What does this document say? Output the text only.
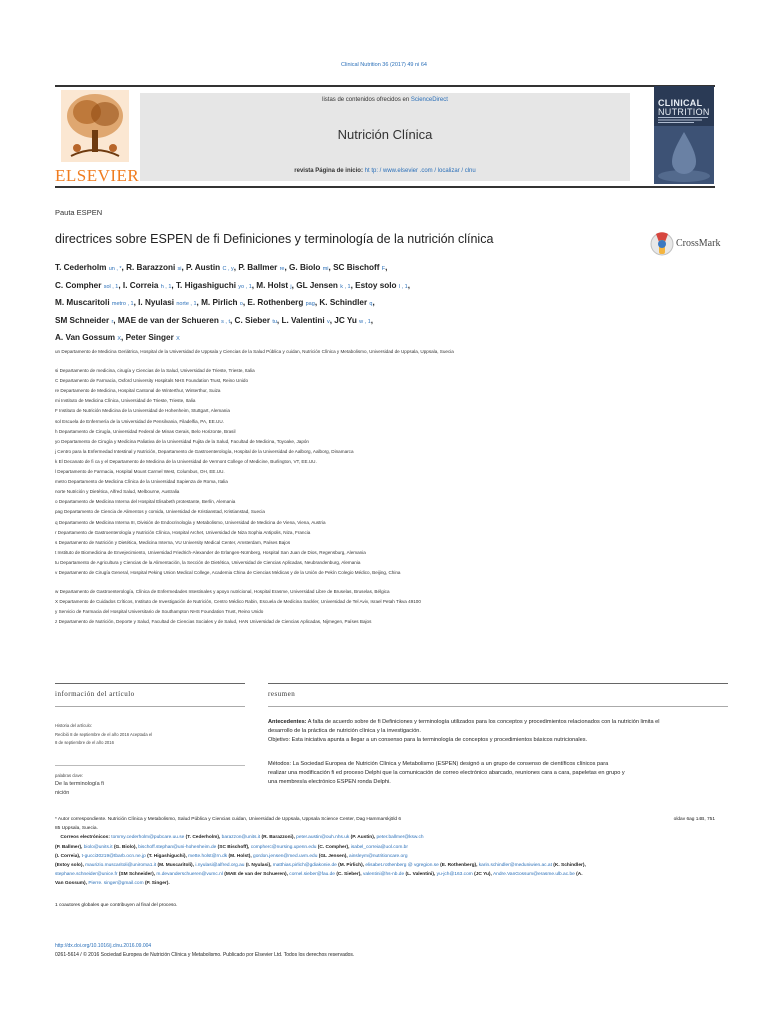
Clinical Nutrition 36 (2017) 49 ni 64
ELSEVIER
listas de contenidos ofrecidos en ScienceDirect
Nutrición Clínica
revista Página de inicio: ht tp: / www.elsevier .com / localizar / clnu
CLINICAL
NUTRITION
Pauta ESPEN
directrices sobre ESPEN de fi Definiciones y terminología de la nutrición clínica	CrossMark
T. Cederholm un , *, R. Barazzoni si, P. Austin C , y, P. Ballmer re, G. Biolo mi, SC Bischoff F,
C. Compher sol , 1, I. Correia h , 1, T. Higashiguchi yo , 1, M. Holst j, GL Jensen k , 1, Estoy solo l , 1,
M. Muscaritoli metro , 1, I. Nyulasi norte , 1, M. Pirlich o, E. Rothenberg pag, K. Schindler q,
SM Schneider r, MAE de van der Schueren s , t, C. Sieber tu, L. Valentini v, JC Yu w , 1,
A. Van Gossum X, Peter Singer X
un Departamento de Medicina Geriátrica, Hospital de la Universidad de Uppsala y Ciencias de la Salud Pública y cuidan, Nutrición Clínica y Metabolismo, Universidad de Uppsala, Uppsala, Suecia
si Departamento de medicina, cirugía y Ciencias de la Salud, Universidad de Trieste, Trieste, Italia
C Departamento de Farmacia, Oxford University Hospitals NHS Foundation Trust, Reino Unido
re Departamento de Medicina, Hospital Cantonal de Winterthur, Winterthur, Suiza
mi Instituto de Medicina Clínica, Universidad de Trieste, Trieste, Italia
F Instituto de Nutrición Medicina de la Universidad de Hohenheim, Stuttgart, Alemania
sol Escuela de Enfermería de la Universidad de Pensilvania, Filadelfia, PA, EE.UU.
h Departamento de Cirugía, Universidad Federal de Minas Gerais, Belo Horizonte, Brasil
yo Departamento de Cirugía y Medicina Paliativa de la Universidad Fujita de la Salud, Facultad de Medicina, Toyoake, Japón
j Centro para la Enfermedad Intestinal y Nutrición, Departamento de Gastroenterología, Hospital de la Universidad de Aalborg, Aalborg, Dinamarca
k El Decanato de fi ca y el Departamento de Medicina de la Universidad de Vermont College of Medicine, Burlington, VT, EE.UU.
l Departamento de Farmacia, Hospital Mount Carmel West, Columbus, OH, EE.UU.
metro Departamento de Medicina Clínica de la Universidad Sapienza de Roma, Italia
norte Nutrición y Dietética, Alfred Salud, Melbourne, Australia
o Departamento de Medicina Interna del Hospital Elisabeth protestante, Berlín, Alemania
pag Departamento de Ciencia de Alimentos y comida, Universidad de Kristianstad, Kristianstad, Suecia
q Departamento de Medicina Interna III, División de Endocrinología y Metabolismo, Universidad de Medicina de Viena, Viena, Austria
r Departamento de Gastroenterología y Nutrición Clínica, Hospital Archet, Universidad de Niza Sophia Antipolis, Niza, Francia
s Departamento de Nutrición y Dietética, Medicina Interna, VU University Medical Center, Amsterdam, Países Bajos
t Instituto de Biomedicina de Envejecimiento, Universidad Friedrich-Alexander de Erlangen-Nürnberg, Hospital San Juan de Dios, Regensburg, Alemania
tu Departamento de Agricultura y Ciencias de la Alimentación, la Sección de Dietética, Universidad de Ciencias Aplicadas, Neubrandenburg, Alemania
v Departamento de Cirugía General, Hospital Peking Union Medical College, Academia China de Ciencias Médicas y de la Unión de Pekín Colegio Médico, Beijing, China
w Departamento de Gastroenterología, Clínica de Enfermedades Intestinales y apoyo nutricional, Hospital Erasme, Universidad Libre de Bruselas, Bruselas, Bélgica
X Departamento de Cuidados Críticos, Instituto de Investigación de Nutrición, Centro Médico Rabin, Escuela de Medicina Sackler, Universidad de Tel Aviv, Israel Petah Tikva 49100
y Servicio de Farmacia del Hospital Universitario de Southampton NHS Foundation Trust, Reino Unido
z Departamento de Nutrición, Deporte y Salud, Facultad de Ciencias Sociales y de Salud, HAN Universidad de Ciencias Aplicadas, Nijmegen, Países Bajos
información del artículo	resumen
Historia del artículo:
Recibió 8 de septiembre de el año 2016 Aceptada el
8 de septiembre de el año 2016
palabras clave:
De la terminología fi
nición
Antecedentes: A falta de acuerdo sobre de fi Definiciones y terminología utilizados para los conceptos y procedimientos relacionados con la nutrición limita el
desarrollo de la práctica de nutrición clínica y la investigación.
Objetivo: Esta iniciativa apunta a llegar a un consenso para la terminología de conceptos y procedimientos básicos nutricionales.
Métodos: La Sociedad Europea de Nutrición Clínica y Metabolismo (ESPEN) designó a un grupo de consenso de científicos clínicos para
realizar una modificación fi ed proceso Delphi que la comunicación de correo electrónico abarcado, reuniones cara a cara, papeletas en grupo y
una membresía electrónico ESPEN ronda Delphi.
* Autor correspondiente. Nutrición Clínica y Metabolismo, Salud Pública y Ciencias cuidan, Universidad de Uppsala, Uppsala Science Center, Dag Hammarskjöld 6	oldav 6ag 14B, 751
85 Uppsala, Suecia.
Correos electrónicos: tommy.cederholm@pubcare.uu.se (T. Cederholm), barazzon@units.it (R. Barazzoni), peter.austin@ouh.nhs.uk (P. Austin), peter.ballmer@ksw.ch
(P. Ballmer), biolo@units.it (G. Biolo), bischoff.stephan@uni-hohenheim.de (SC Bischoff), compherc@nursing.upenn.edu (C. Compher), isabel_correia@uol.com.br
(I. Correia), t-gucci30219@tbarb.ocn.ne.jp (T. Higashiguchi), mette.holst@rn.dk (M. Holst), gordon.jensen@med.uvm.edu (GL Jensen), ainsleym@nutritioncare.org
(Estoy solo), maurizio.muscaritoli@uniroma1.it (M. Muscaritoli), i.nyulasi@alfred.org.au (I. Nyulasi), matthias.pirlich@gdiakonie.de (M. Pirlich), elisabet.rothenberg @ vgregion.se (E. Rothenberg), karin.schindler@meduniwien.ac.at (K. Schindler),
stephane.schneider@unice.fr (SM Schneider), m.devanderschueren@vumc.nl (MAE de van der Schueren), cornel.sieber@fau.de (C. Sieber), valentini@hs-nb.de (L. Valentini), yu-jch@163.com (JC Yu), Andre.VanGossum@erasme.ulb.ac.be (A.
Van Gossum), Pierre. singer@gmail.com (P. Singer).
1 coautores globales que contribuyen al final del proceso.
http://dx.doi.org/10.1016/j.clnu.2016.09.004
0261-5614 / © 2016 Sociedad Europea de Nutrición Clínica y Metabolismo. Publicado por Elsevier Ltd. Todos los derechos reservados.
